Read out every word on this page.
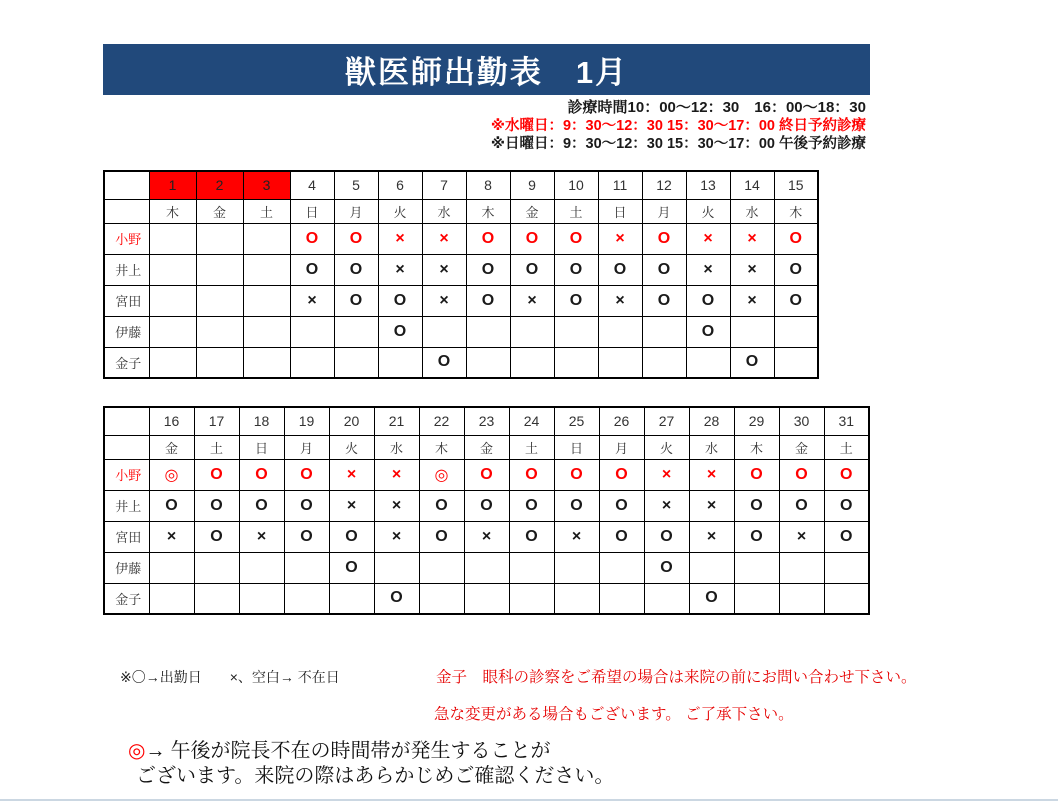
獣医師出勤表　1月
診療時間10：00～12：30　16：00～18：30
※水曜日：9：30～12：30 15：30～17：00 終日予約診療
※日曜日：9：30～12：30 15：30～17：00 午後予約診療
	1	2	3	4	5	6	7	8	9	10	11	12	13	14	15
	木	金	土	日	月	火	水	木	金	土	日	月	火	水	木
小野				O	O	×	×	O	O	O	×	O	×	×	O
井上				O	O	×	×	O	O	O	O	O	×	×	O
宮田				×	O	O	×	O	×	O	×	O	O	×	O
伊藤						O							O		
金子							O							O	
	16	17	18	19	20	21	22	23	24	25	26	27	28	29	30	31
	金	土	日	月	火	水	木	金	土	日	月	火	水	木	金	土
小野	◎	O	O	O	×	×	◎	O	O	O	O	×	×	O	O	O
井上	O	O	O	O	×	×	O	O	O	O	O	×	×	O	O	O
宮田	×	O	×	O	O	×	O	×	O	×	O	O	×	O	×	O
伊藤					O							O				
金子						O							O			
※〇→出勤日　　×、空白→ 不在日	金子　眼科の診察をご希望の場合は来院の前にお問い合わせ下さい。
急な変更がある場合もございます。 ご了承下さい。
◎→ 午後が院長不在の時間帯が発生することが
ございます。来院の際はあらかじめご確認ください。
